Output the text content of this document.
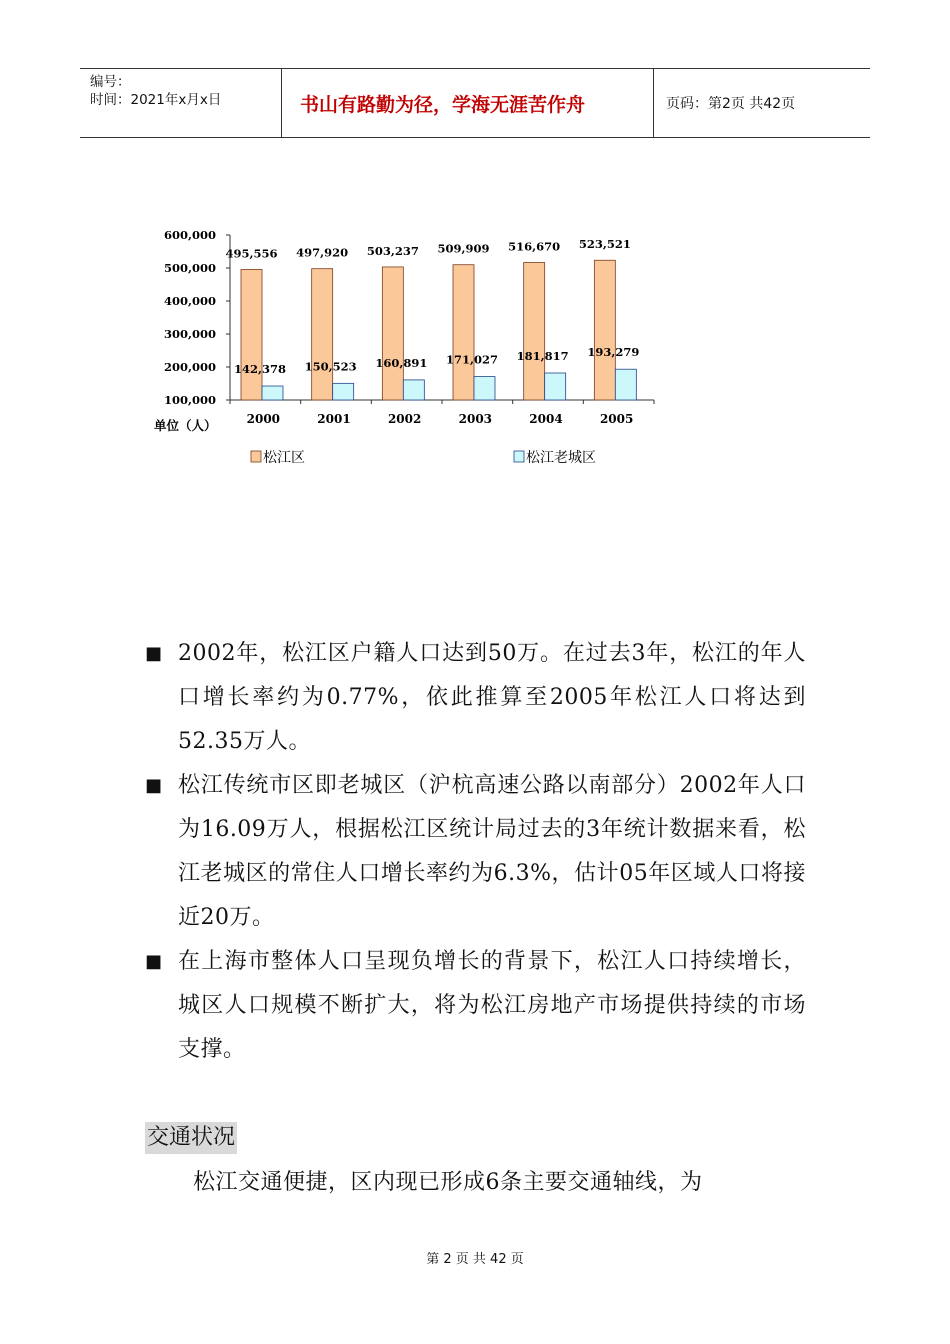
编号：
时间：2021年x月x日	书山有路勤为径，学海无涯苦作舟	页码：第2页 共42页
600,000
500,000
400,000
300,000
200,000
100,000
495,556
142,378
2000
497,920
150,523
2001
503,237
160,891
2002
509,909
171,027
2003
516,670
181,817
2004
523,521
193,279
2005
单位（人）
松江区	松江老城区
■ 2002年，松江区户籍人口达到50万。在过去3年，松江的年人口增长率约为0.77%，依此推算至2005年松江人口将达到52.35万人。
■ 松江传统市区即老城区（沪杭高速公路以南部分）2002年人口为16.09万人，根据松江区统计局过去的3年统计数据来看，松江老城区的常住人口增长率约为6.3%，估计05年区域人口将接近20万。
■ 在上海市整体人口呈现负增长的背景下，松江人口持续增长，城区人口规模不断扩大，将为松江房地产市场提供持续的市场支撑。
交通状况
松江交通便捷，区内现已形成6条主要交通轴线，为
第 2 页 共 42 页
